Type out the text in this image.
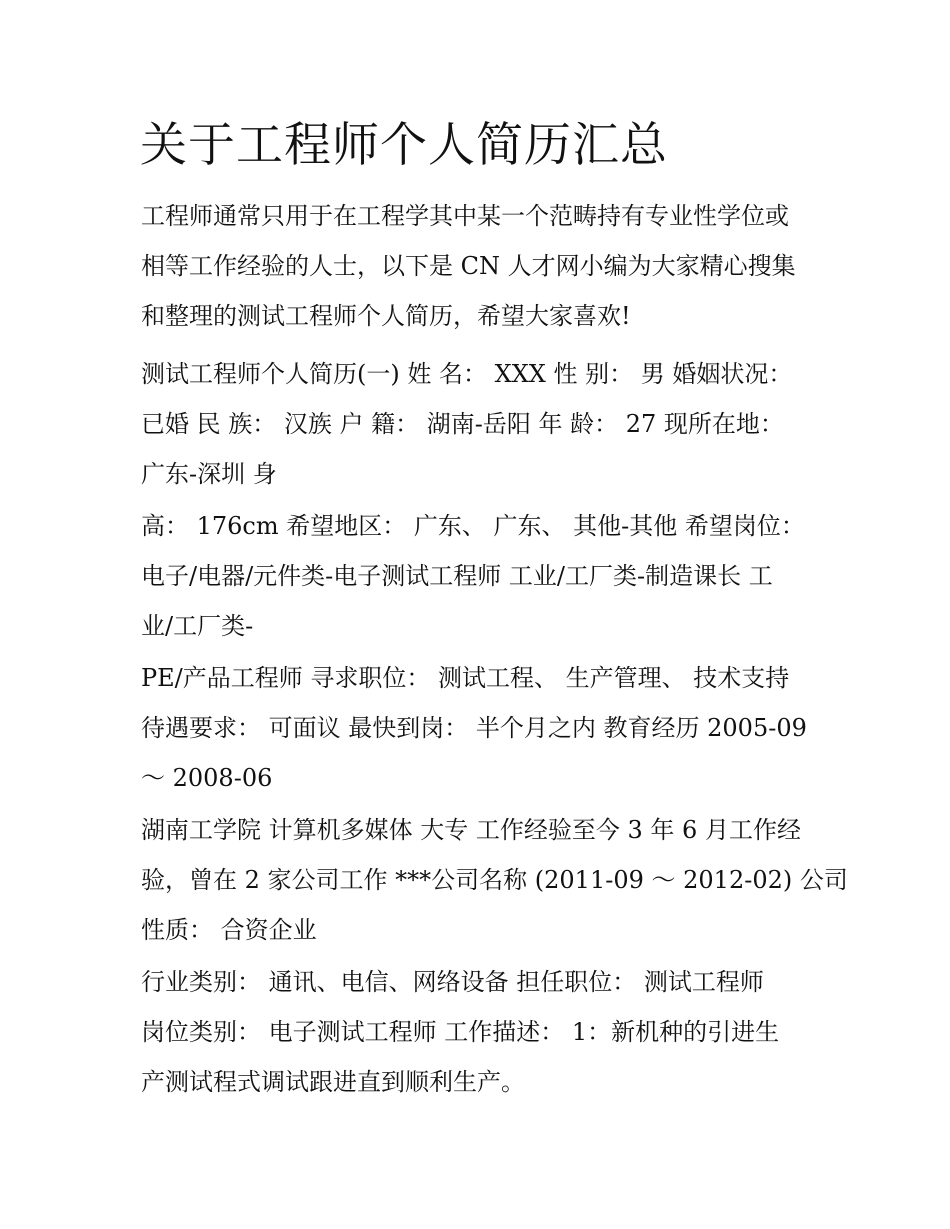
关于工程师个人简历汇总

工程师通常只用于在工程学其中某一个范畴持有专业性学位或

相等工作经验的人士，以下是 CN 人才网小编为大家精心搜集

和整理的测试工程师个人简历，希望大家喜欢!

测试工程师个人简历(一) 姓 名： XXX 性 别： 男 婚姻状况：

已婚 民 族： 汉族 户 籍： 湖南-岳阳 年 龄： 27 现所在地：

广东-深圳 身

高： 176cm 希望地区： 广东、 广东、 其他-其他 希望岗位：

电子/电器/元件类-电子测试工程师 工业/工厂类-制造课长 工

业/工厂类-

PE/产品工程师 寻求职位： 测试工程、 生产管理、 技术支持

待遇要求： 可面议 最快到岗： 半个月之内 教育经历 2005-09

～ 2008-06

湖南工学院 计算机多媒体 大专 工作经验至今 3 年 6 月工作经

验，曾在 2 家公司工作 ***公司名称 (2011-09 ～ 2012-02) 公司

性质： 合资企业

行业类别： 通讯、电信、网络设备 担任职位： 测试工程师

岗位类别： 电子测试工程师 工作描述： 1：新机种的引进生

产测试程式调试跟进直到顺利生产。
